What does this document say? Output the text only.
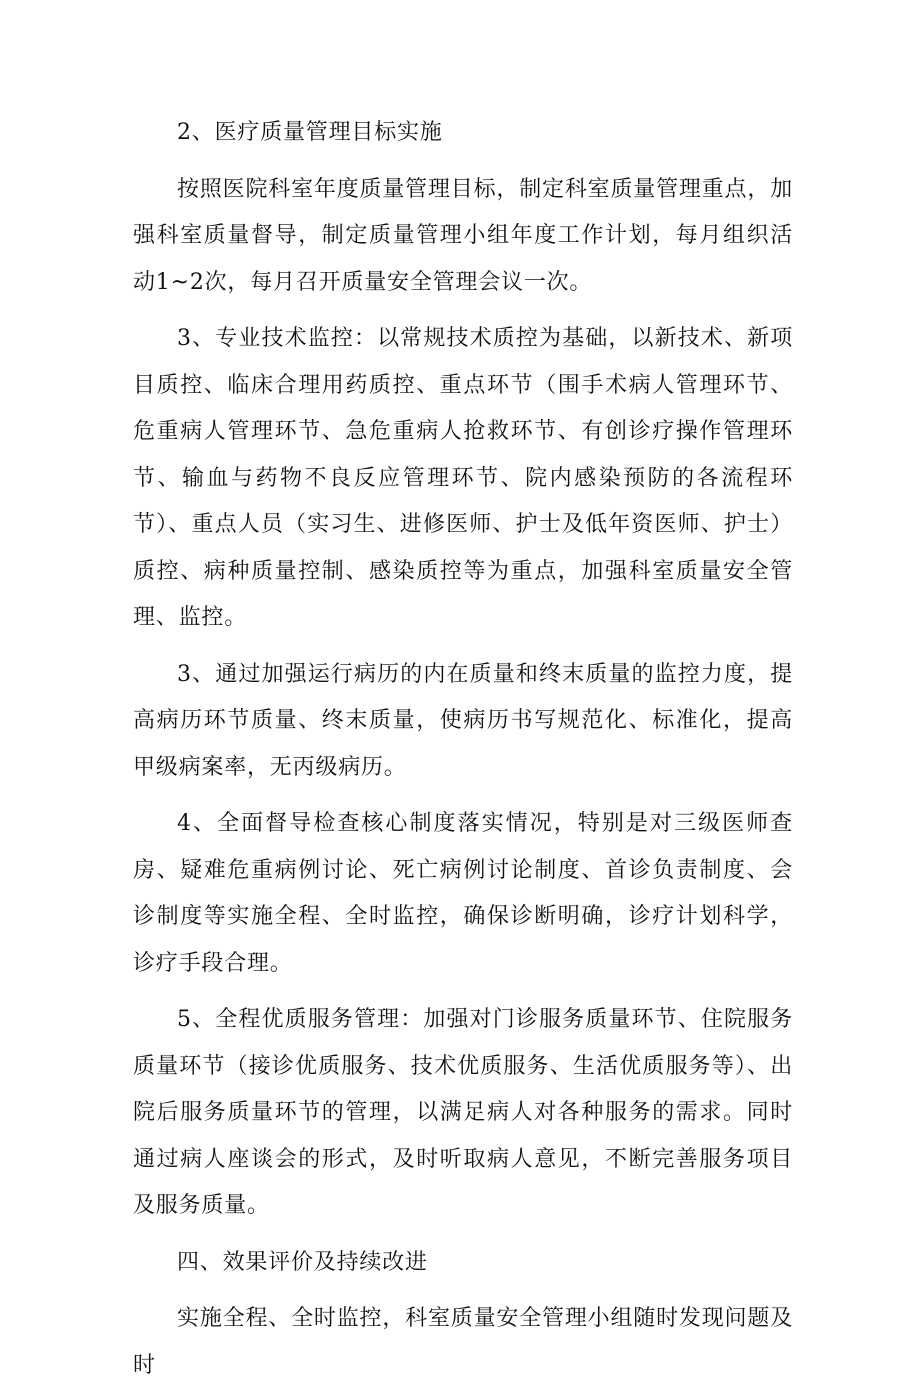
2、医疗质量管理目标实施

按照医院科室年度质量管理目标，制定科室质量管理重点，加强科室质量督导，制定质量管理小组年度工作计划，每月组织活动1~2次，每月召开质量安全管理会议一次。

3、专业技术监控：以常规技术质控为基础，以新技术、新项目质控、临床合理用药质控、重点环节（围手术病人管理环节、危重病人管理环节、急危重病人抢救环节、有创诊疗操作管理环节、输血与药物不良反应管理环节、院内感染预防的各流程环节）、重点人员（实习生、进修医师、护士及低年资医师、护士）质控、病种质量控制、感染质控等为重点，加强科室质量安全管理、监控。

3、通过加强运行病历的内在质量和终末质量的监控力度，提高病历环节质量、终末质量，使病历书写规范化、标准化，提高甲级病案率，无丙级病历。

4、全面督导检查核心制度落实情况，特别是对三级医师查房、疑难危重病例讨论、死亡病例讨论制度、首诊负责制度、会诊制度等实施全程、全时监控，确保诊断明确，诊疗计划科学，诊疗手段合理。

5、全程优质服务管理：加强对门诊服务质量环节、住院服务质量环节（接诊优质服务、技术优质服务、生活优质服务等）、出院后服务质量环节的管理，以满足病人对各种服务的需求。同时通过病人座谈会的形式，及时听取病人意见，不断完善服务项目及服务质量。

四、效果评价及持续改进

实施全程、全时监控，科室质量安全管理小组随时发现问题及时
